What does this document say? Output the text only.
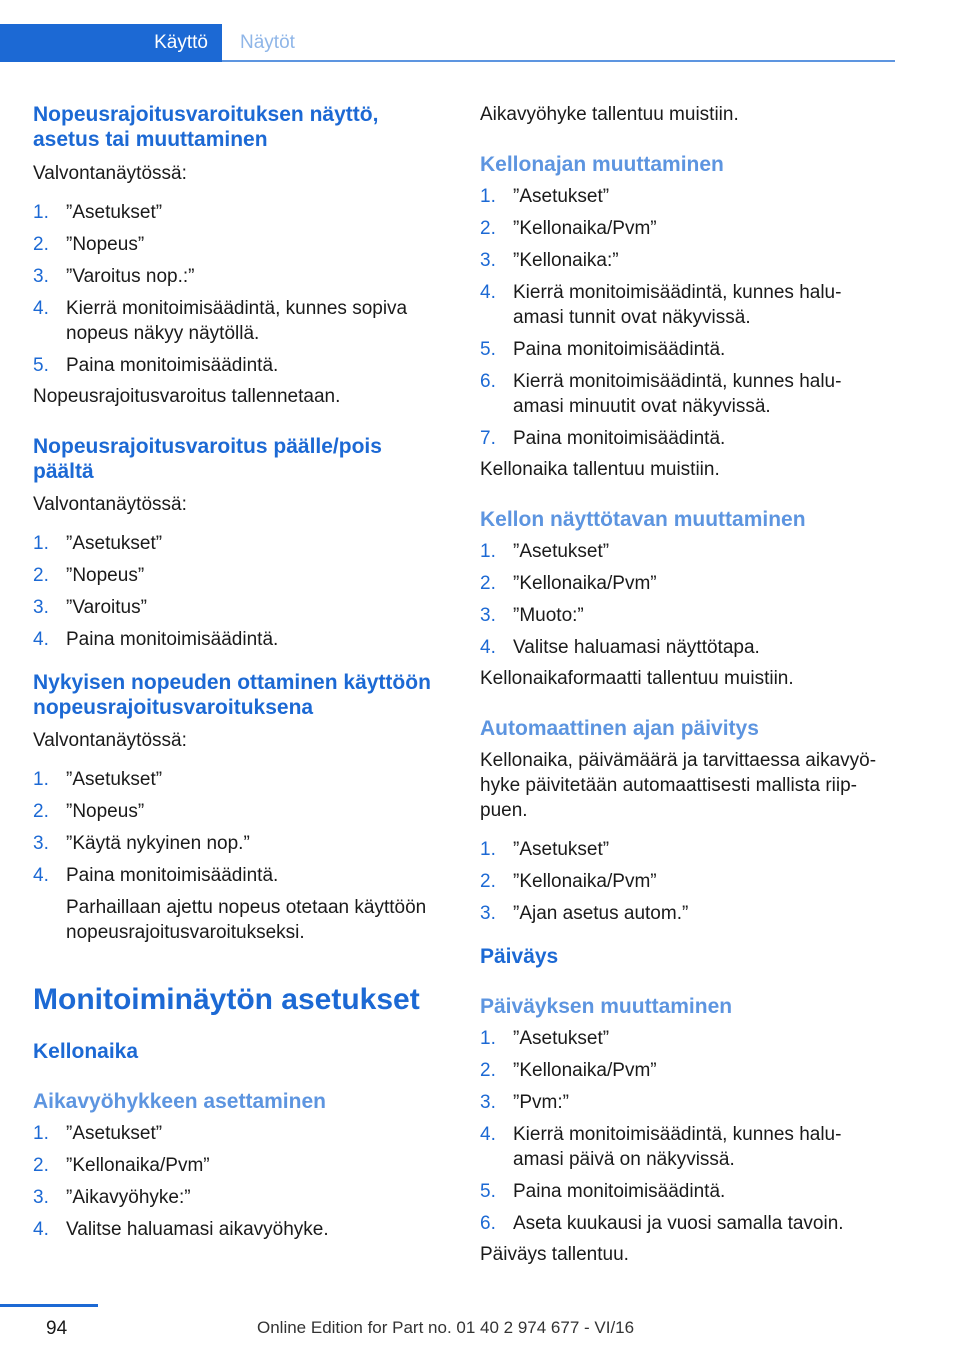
Käyttö	Näytöt
Nopeusrajoitusvaroituksen näyttö, asetus tai muuttaminen

Valvontanäytössä:

1. ”Asetukset”
2. ”Nopeus”
3. ”Varoitus nop.:”
4. Kierrä monitoimisäädintä, kunnes sopiva nopeus näkyy näytöllä.
5. Paina monitoimisäädintä.

Nopeusrajoitusvaroitus tallennetaan.

Nopeusrajoitusvaroitus päälle/pois päältä

Valvontanäytössä:

1. ”Asetukset”
2. ”Nopeus”
3. ”Varoitus”
4. Paina monitoimisäädintä.
Nykyisen nopeuden ottaminen käyttöön nopeusrajoitusvaroituksena

Valvontanäytössä:

1. ”Asetukset”
2. ”Nopeus”
3. ”Käytä nykyinen nop.”
4. Paina monitoimisäädintä.
Parhaillaan ajettu nopeus otetaan käyttöön nopeusrajoitusvaroitukseksi.
Monitoiminäytön asetukset
Kellonaika
Aikavyöhykkeen asettaminen
1. ”Asetukset”
2. ”Kellonaika/Pvm”
3. ”Aikavyöhyke:”
4. Valitse haluamasi aikavyöhyke.

Aikavyöhyke tallentuu muistiin.

Kellonajan muuttaminen
1. ”Asetukset”
2. ”Kellonaika/Pvm”
3. ”Kellonaika:”
4. Kierrä monitoimisäädintä, kunnes halu‐ amasi tunnit ovat näkyvissä.
5. Paina monitoimisäädintä.
6. Kierrä monitoimisäädintä, kunnes halu‐ amasi minuutit ovat näkyvissä.
7. Paina monitoimisäädintä.

Kellonaika tallentuu muistiin.

Kellon näyttötavan muuttaminen
1. ”Asetukset”
2. ”Kellonaika/Pvm”
3. ”Muoto:”
4. Valitse haluamasi näyttötapa.

Kellonaikaformaatti tallentuu muistiin.

Automaattinen ajan päivitys

Kellonaika, päivämäärä ja tarvittaessa aikavyö‐ hyke päivitetään automaattisesti mallista riip‐ puen.

1. ”Asetukset”
2. ”Kellonaika/Pvm”
3. ”Ajan asetus autom.”
Päiväys
Päiväyksen muuttaminen
1. ”Asetukset”
2. ”Kellonaika/Pvm”
3. ”Pvm:”
4. Kierrä monitoimisäädintä, kunnes halu‐ amasi päivä on näkyvissä.
5. Paina monitoimisäädintä.
6. Aseta kuukausi ja vuosi samalla tavoin.

Päiväys tallentuu.

94	Online Edition for Part no. 01 40 2 974 677 - VI/16
